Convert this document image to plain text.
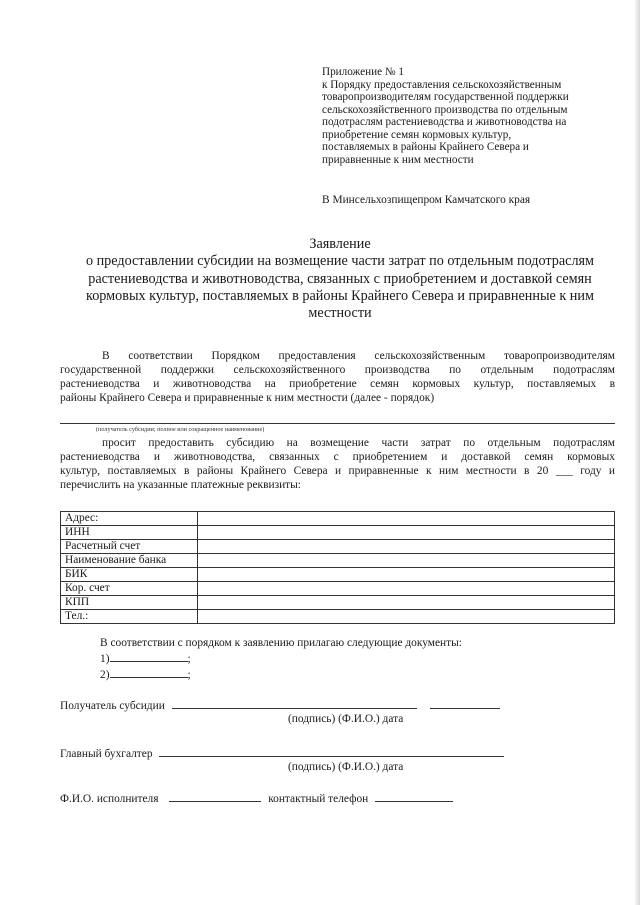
Приложение № 1
к Порядку предоставления сельскохозяйственным
товаропроизводителям государственной поддержки
сельскохозяйственного производства по отдельным
подотраслям растениеводства и животноводства на
приобретение семян кормовых культур,
поставляемых в районы Крайнего Севера и
приравненные к ним местности
В Минсельхозпищепром Камчатского края
Заявление
о предоставлении субсидии на возмещение части затрат по отдельным подотраслям
растениеводства и животноводства, связанных с приобретением и доставкой семян
кормовых культур, поставляемых в районы Крайнего Севера и приравненные к ним
местности
В соответствии Порядком предоставления сельскохозяйственным товаропроизводителям
государственной поддержки сельскохозяйственного производства по отдельным подотраслям
растениеводства и животноводства на приобретение семян кормовых культур, поставляемых в
районы Крайнего Севера и приравненные к ним местности (далее - порядок)
(получатель субсидии; полное или сокращенное наименование)
просит предоставить субсидию на возмещение части затрат по отдельным подотраслям
растениеводства и животноводства, связанных с приобретением и доставкой семян кормовых
культур, поставляемых в районы Крайнего Севера и приравненные к ним местности в 20 ___ году и
перечислить на указанные платежные реквизиты:
Адрес:	
ИНН	
Расчетный счет	
Наименование банка	
БИК	
Кор. счет	
КПП	
Тел.:	
В соответствии с порядком к заявлению прилагаю следующие документы:
1)	;
2)	;
Получатель субсидии
(подпись) (Ф.И.О.) дата
Главный бухгалтер
(подпись) (Ф.И.О.) дата
Ф.И.О. исполнителя	контактный телефон
